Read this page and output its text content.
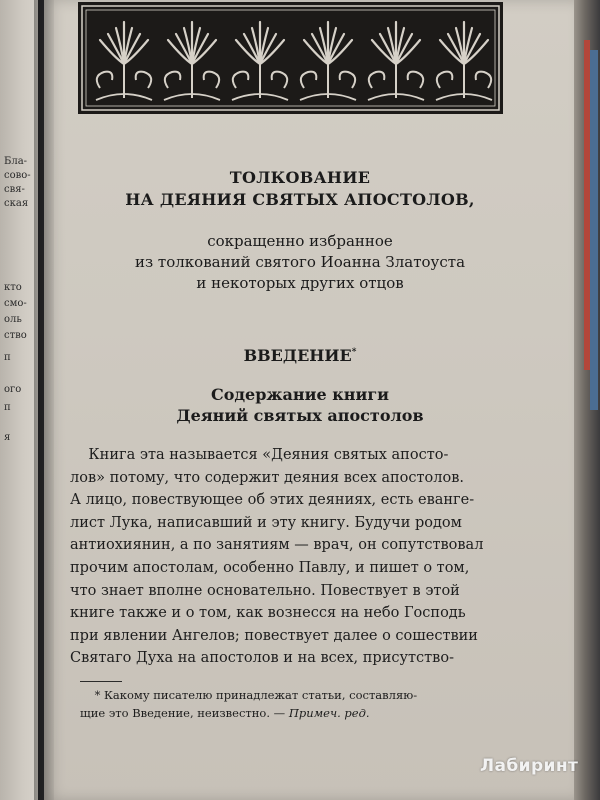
Бла-
сово-
свя-
ская
кто
смо-
оль
ство
п
ого
п
я
ТОЛКОВАНИЕ
НА ДЕЯНИЯ СВЯТЫХ АПОСТОЛОВ,
сокращенно избранное
из толкований святого Иоанна Златоуста
и некоторых других отцов
ВВЕДЕНИЕ*
Содержание книги
Деяний святых апостолов
Книга эта называется «Деяния святых апосто-
лов» потому, что содержит деяния всех апостолов.
А лицо, повествующее об этих деяниях, есть еванге-
лист Лука, написавший и эту книгу. Будучи родом
антиохиянин, а по занятиям — врач, он сопутствовал
прочим апостолам, особенно Павлу, и пишет о том,
что знает вполне основательно. Повествует в этой
книге также и о том, как вознесся на небо Господь
при явлении Ангелов; повествует далее о сошествии
Святаго Духа на апостолов и на всех, присутство-
* Какому писателю принадлежат статьи, составляю-
щие это Введение, неизвестно. — Примеч. ред.
Лабиринт
